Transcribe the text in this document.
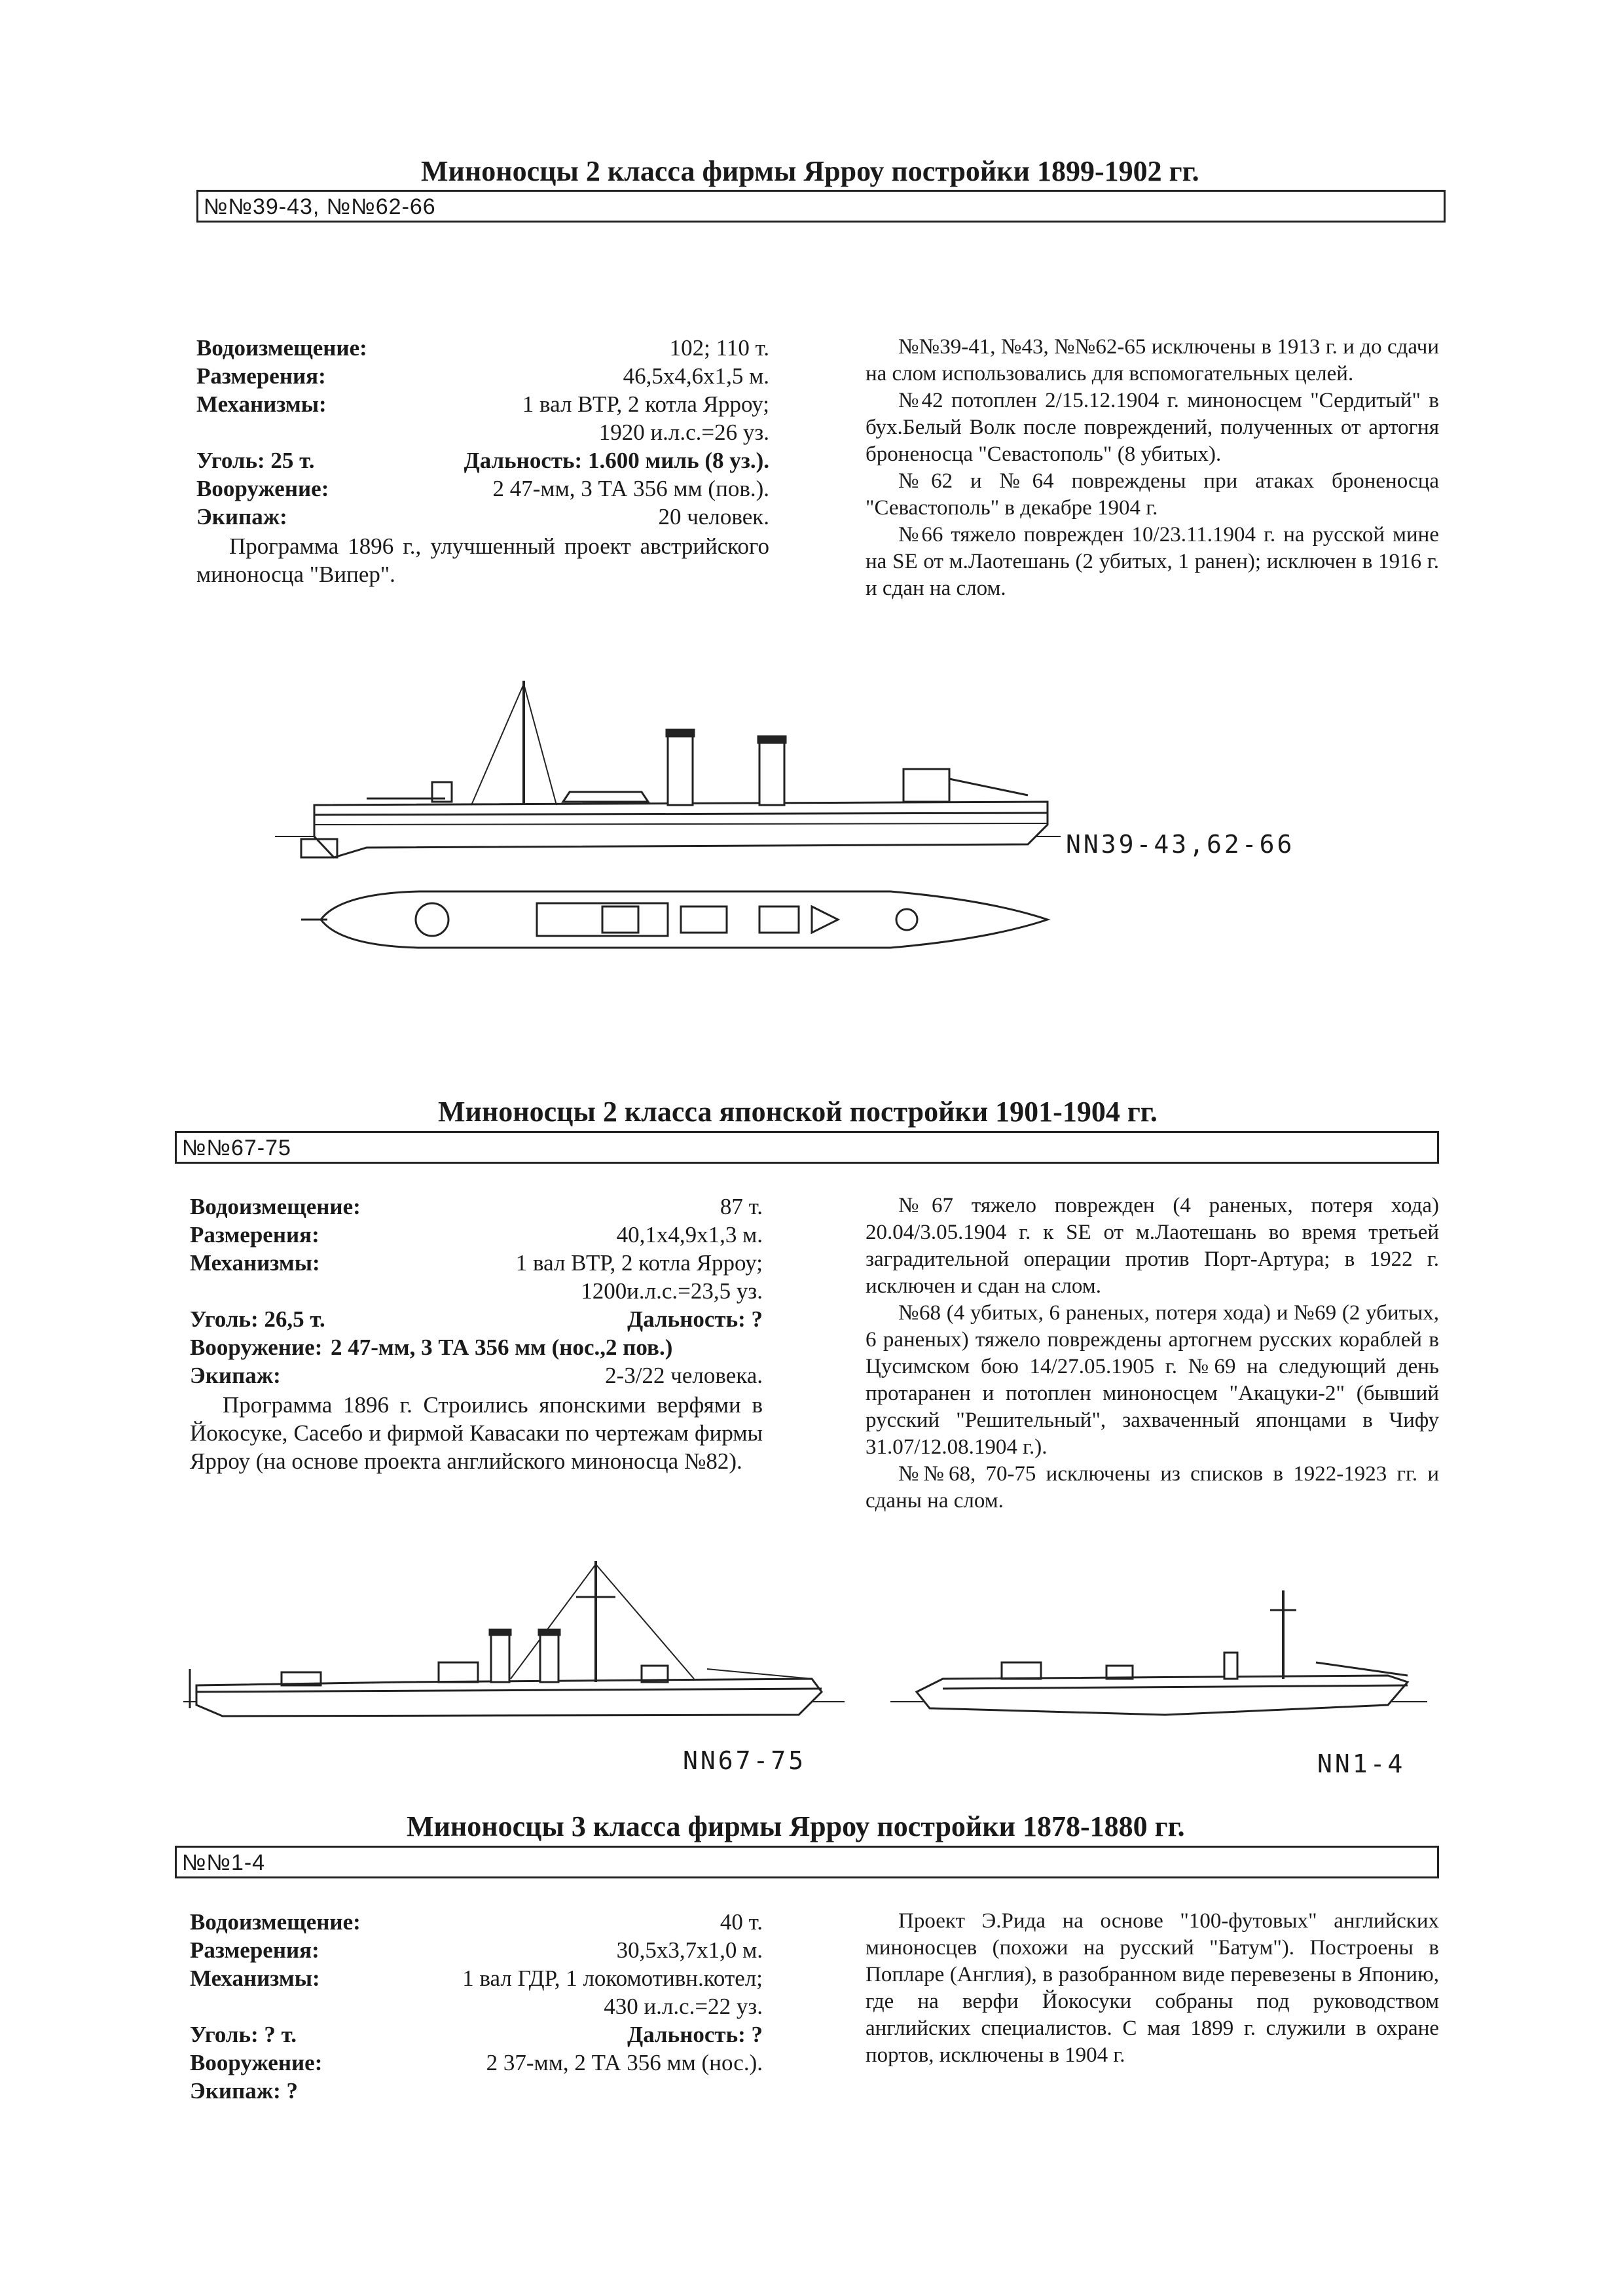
Миноносцы 2 класса фирмы Ярроу постройки 1899-1902 гг.
№№39-43, №№62-66
Водоизмещение:	102; 110 т.
Размерения:	46,5х4,6х1,5 м.
Механизмы:	1 вал ВТР, 2 котла Ярроу;
1920 и.л.с.=26 уз.
Уголь: 25 т.	Дальность: 1.600 миль (8 уз.).
Вооружение:	2 47-мм, 3 ТА 356 мм (пов.).
Экипаж:	20 человек.
Программа 1896 г., улучшенный проект австрийского миноносца "Випер".

№№39-41, №43, №№62-65 исключены в 1913 г. и до сдачи на слом использовались для вспомогательных целей.

№42 потоплен 2/15.12.1904 г. миноносцем "Сердитый" в бух.Белый Волк после повреждений, полученных от артогня броненосца "Севастополь" (8 убитых).

№62 и №64 повреждены при атаках броненосца "Севастополь" в декабре 1904 г.

№66 тяжело поврежден 10/23.11.1904 г. на русской мине на SE от м.Лаотешань (2 убитых, 1 ранен); исключен в 1916 г. и сдан на слом.

NN39-43,62-66
Миноносцы 2 класса японской постройки 1901-1904 гг.
№№67-75
Водоизмещение:	87 т.
Размерения:	40,1х4,9х1,3 м.
Механизмы:	1 вал ВТР, 2 котла Ярроу;
1200и.л.с.=23,5 уз.
Уголь: 26,5 т.	Дальность: ?
Вооружение: 2 47-мм, 3 ТА 356 мм (нос.,2 пов.)
Экипаж:	2-3/22 человека.
Программа 1896 г. Строились японскими верфями в Йокосуке, Сасебо и фирмой Кавасаки по чертежам фирмы Ярроу (на основе проекта английского миноносца №82).

№67 тяжело поврежден (4 раненых, потеря хода) 20.04/3.05.1904 г. к SE от м.Лаотешань во время третьей заградительной операции против Порт-Артура; в 1922 г. исключен и сдан на слом.

№68 (4 убитых, 6 раненых, потеря хода) и №69 (2 убитых, 6 раненых) тяжело повреждены артогнем русских кораблей в Цусимском бою 14/27.05.1905 г. №69 на следующий день протаранен и потоплен миноносцем "Акацуки-2" (бывший русский "Решительный", захваченный японцами в Чифу 31.07/12.08.1904 г.).

№№68, 70-75 исключены из списков в 1922-1923 гг. и сданы на слом.

NN67-75	NN1-4
Миноносцы 3 класса фирмы Ярроу постройки 1878-1880 гг.
№№1-4
Водоизмещение:	40 т.
Размерения:	30,5х3,7х1,0 м.
Механизмы:	1 вал ГДР, 1 локомотивн.котел;
430 и.л.с.=22 уз.
Уголь: ? т.	Дальность: ?
Вооружение:	2 37-мм, 2 ТА 356 мм (нос.).
Экипаж: ?

Проект Э.Рида на основе "100-футовых" английских миноносцев (похожи на русский "Батум"). Построены в Попларе (Англия), в разобранном виде перевезены в Японию, где на верфи Йокосуки собраны под руководством английских специалистов. С мая 1899 г. служили в охране портов, исключены в 1904 г.
